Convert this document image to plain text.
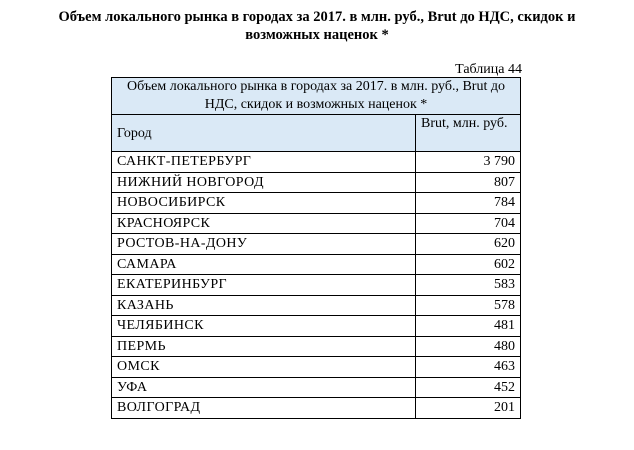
Объем локального рынка в городах за 2017. в млн. руб., Brut до НДС, скидок и
возможных наценок *
Таблица 44
Объем локального рынка в городах за 2017. в млн. руб., Brut до НДС, скидок и возможных наценок *	
Город	Brut, млн. руб.
САНКТ-ПЕТЕРБУРГ	3 790
НИЖНИЙ НОВГОРОД	807
НОВОСИБИРСК	784
КРАСНОЯРСК	704
РОСТОВ-НА-ДОНУ	620
САМАРА	602
ЕКАТЕРИНБУРГ	583
КАЗАНЬ	578
ЧЕЛЯБИНСК	481
ПЕРМЬ	480
ОМСК	463
УФА	452
ВОЛГОГРАД	201
